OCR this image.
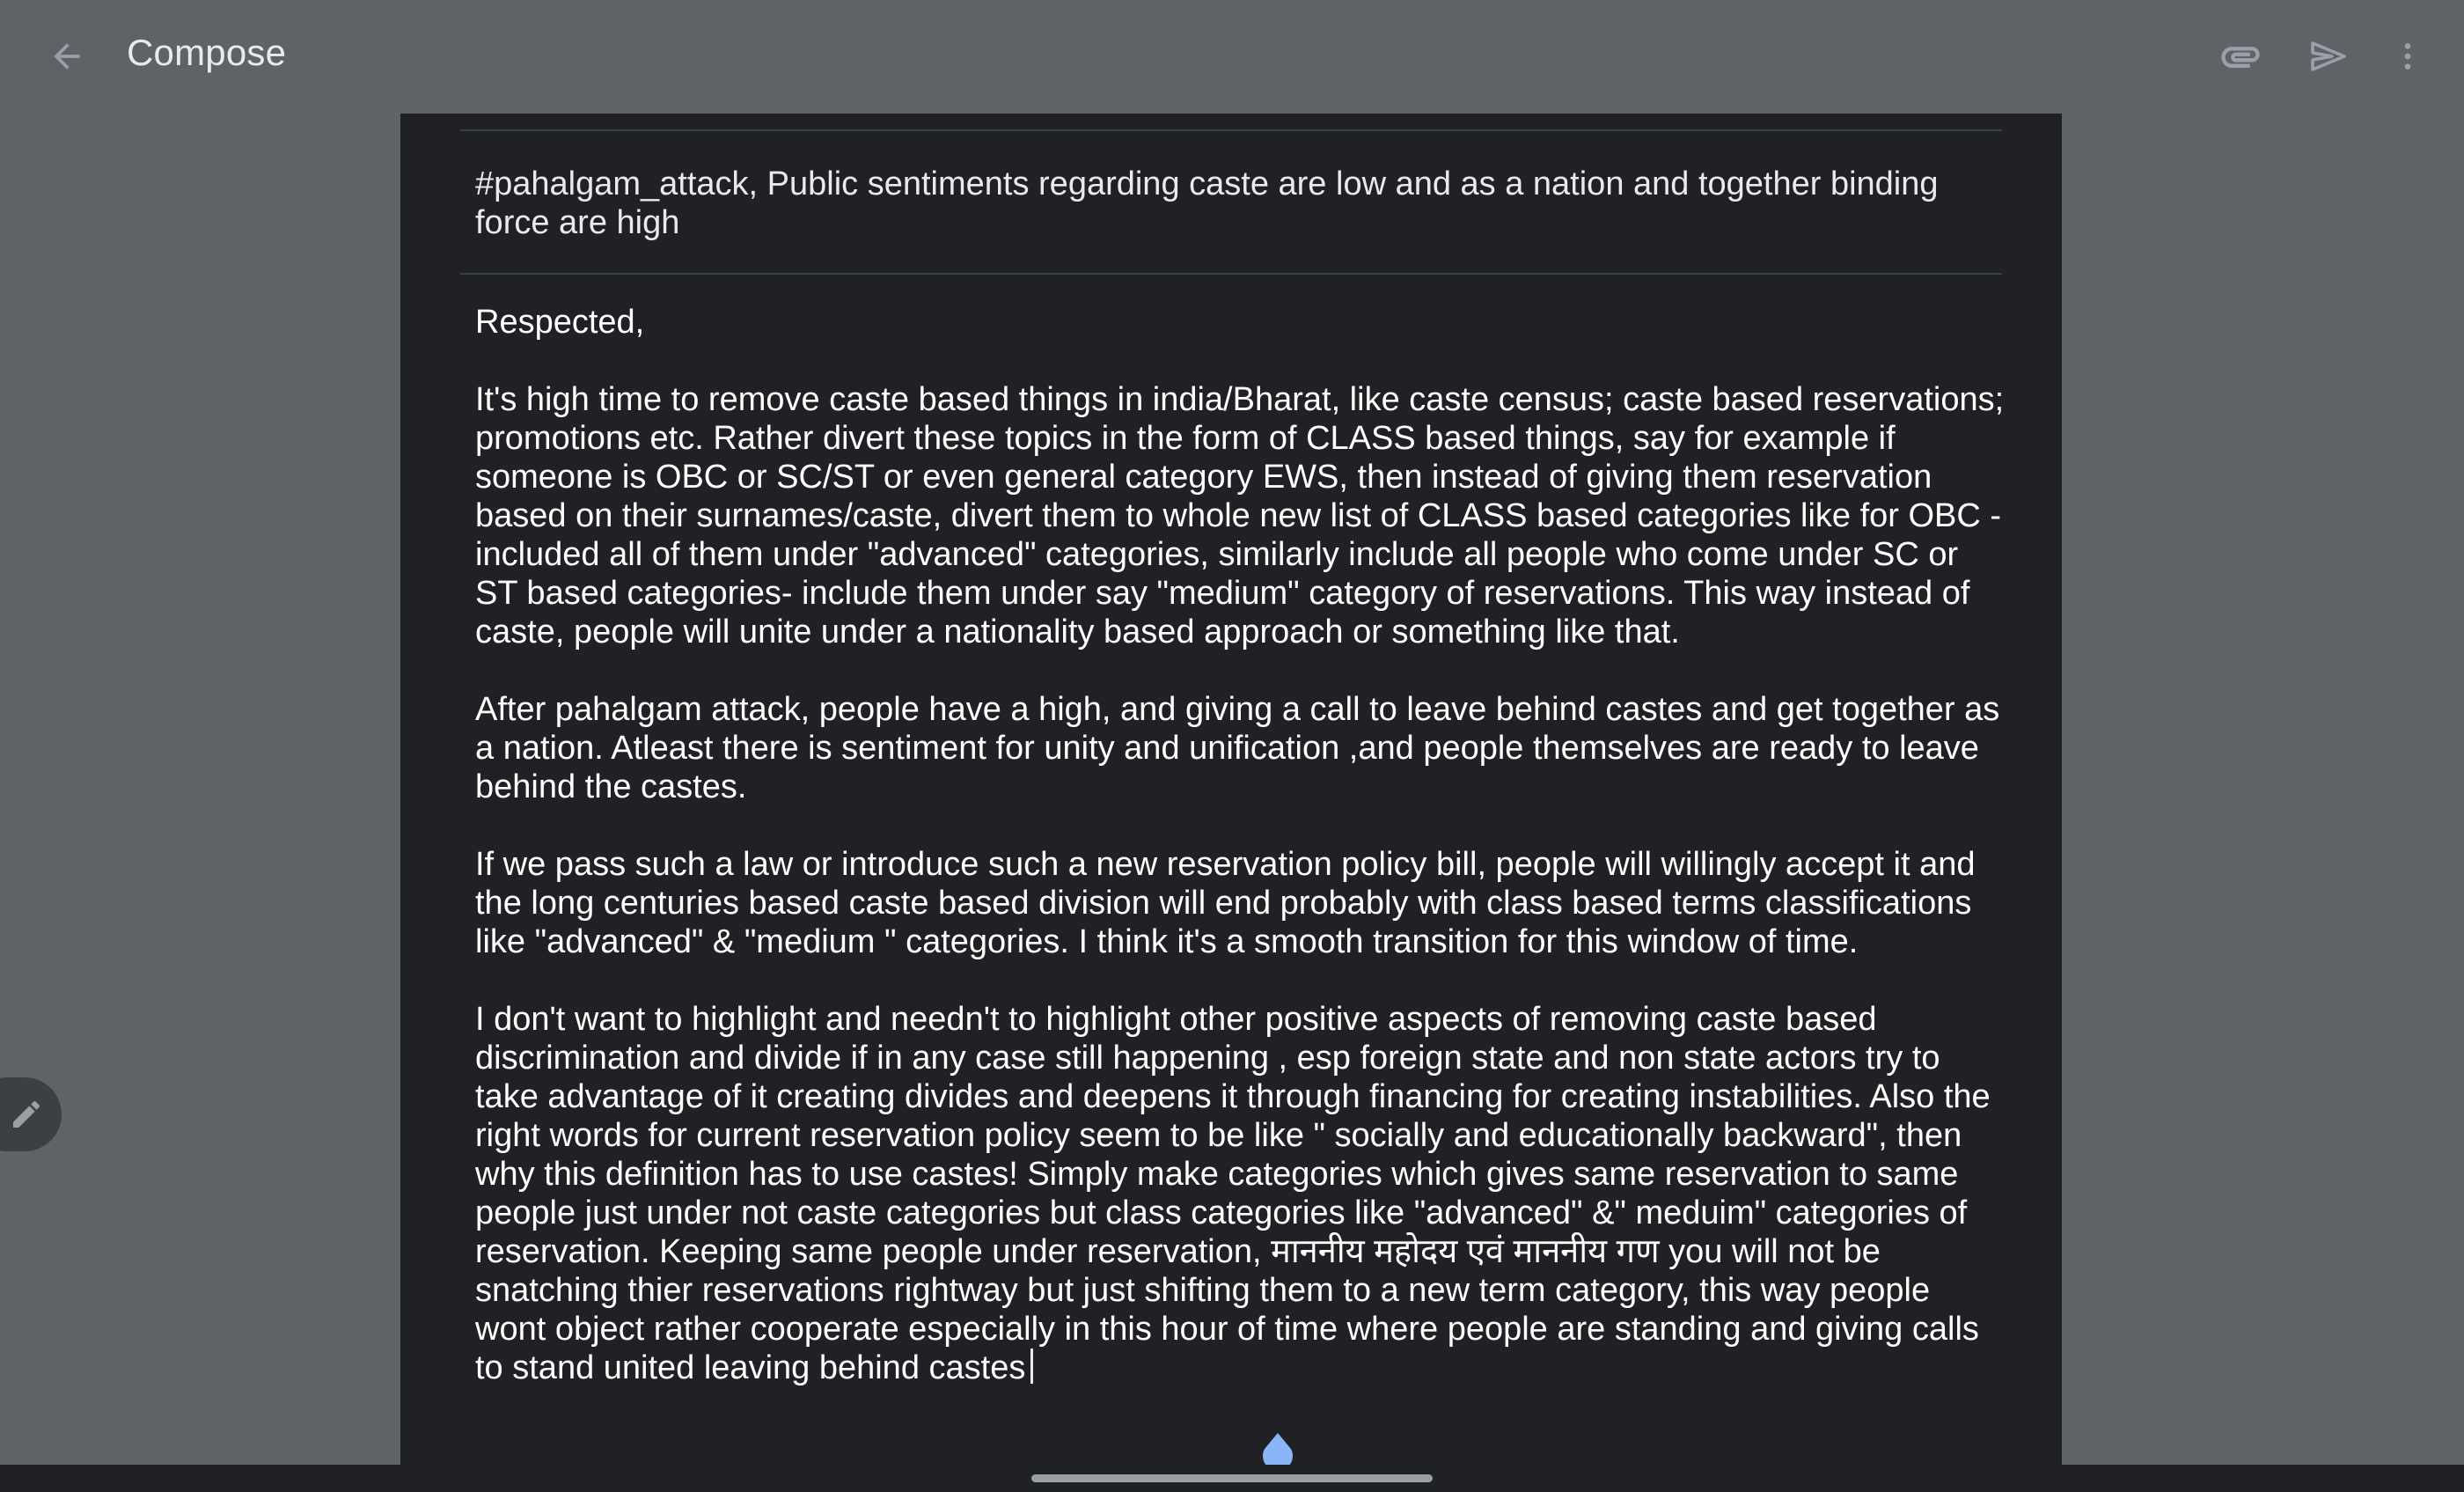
Compose
#pahalgam_attack, Public sentiments regarding caste are low and as a nation and together binding force are high

Respected,

It's high time to remove caste based things in india/Bharat, like caste census; caste based reservations; promotions etc. Rather divert these topics in the form of CLASS based things, say for example if someone is OBC or SC/ST or even general category EWS, then instead of giving them reservation based on their surnames/caste, divert them to whole new list of CLASS based categories like for OBC - included all of them under "advanced" categories, similarly include all people who come under SC or ST based categories- include them under say "medium" category of reservations. This way instead of caste, people will unite under a nationality based approach or something like that.

After pahalgam attack, people have a high, and giving a call to leave behind castes and get together as a nation. Atleast there is sentiment for unity and unification ,and people themselves are ready to leave behind the castes.

If we pass such a law or introduce such a new reservation policy bill, people will willingly accept it and the long centuries based caste based division will end probably with class based terms classifications like "advanced" & "medium " categories. I think it's a smooth transition for this window of time.

I don't want to highlight and needn't to highlight other positive aspects of removing caste based discrimination and divide if in any case still happening , esp foreign state and non state actors try to take advantage of it creating divides and deepens it through financing for creating instabilities. Also the right words for current reservation policy seem to be like " socially and educationally backward", then why this definition has to use castes! Simply make categories which gives same reservation to same people just under not caste categories but class categories like "advanced" &" meduim" categories of reservation. Keeping same people under reservation, माननीय महोदय एवं माननीय गण you will not be snatching thier reservations rightway but just shifting them to a new term category, this way people wont object rather cooperate especially in this hour of time where people are standing and giving calls to stand united leaving behind castes
